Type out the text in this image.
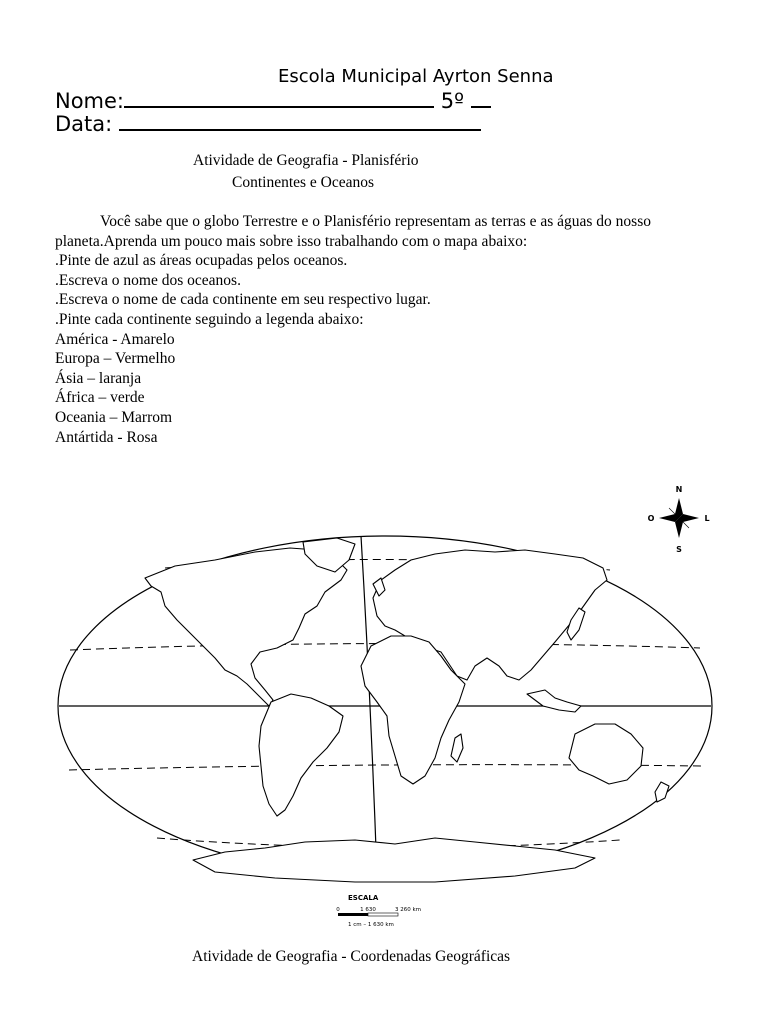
Escola Municipal Ayrton Senna
Nome:	5º
Data:
Atividade de Geografia - Planisfério
Continentes e Oceanos

Você sabe que o globo Terrestre e o Planisfério representam as terras e as águas do nosso planeta.Aprenda um pouco mais sobre isso trabalhando com o mapa abaixo:

.Pinte de azul as áreas ocupadas pelos oceanos.

.Escreva o nome dos oceanos.

.Escreva o nome de cada continente em seu respectivo lugar.

.Pinte cada continente seguindo a legenda abaixo:

América - Amarelo

Europa – Vermelho

Ásia – laranja

África – verde

Oceania – Marrom

Antártida - Rosa

N
S
O	L
ESCALA
0	1 630	3 260 km
1 cm – 1 630 km
Atividade de Geografia - Coordenadas Geográficas
